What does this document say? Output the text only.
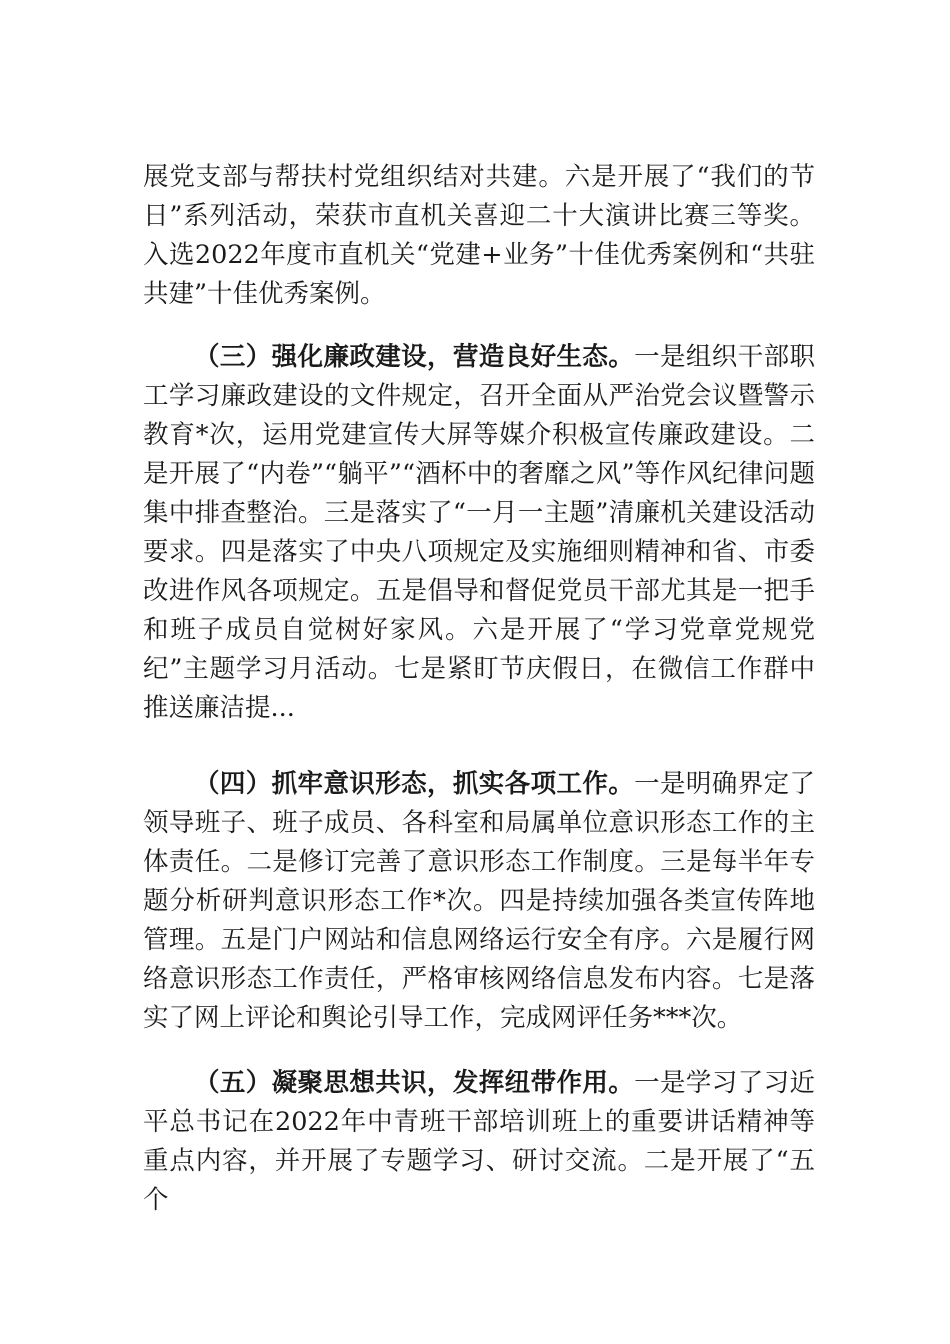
展党支部与帮扶村党组织结对共建。六是开展了“我们的节日”系列活动，荣获市直机关喜迎二十大演讲比赛三等奖。入选2022年度市直机关“党建+业务”十佳优秀案例和“共驻共建”十佳优秀案例。

（三）强化廉政建设，营造良好生态。一是组织干部职工学习廉政建设的文件规定，召开全面从严治党会议暨警示教育*次，运用党建宣传大屏等媒介积极宣传廉政建设。二是开展了“内卷”“躺平”“酒杯中的奢靡之风”等作风纪律问题集中排查整治。三是落实了“一月一主题”清廉机关建设活动要求。四是落实了中央八项规定及实施细则精神和省、市委改进作风各项规定。五是倡导和督促党员干部尤其是一把手和班子成员自觉树好家风。六是开展了“学习党章党规党纪”主题学习月活动。七是紧盯节庆假日，在微信工作群中推送廉洁提...

（四）抓牢意识形态，抓实各项工作。一是明确界定了领导班子、班子成员、各科室和局属单位意识形态工作的主体责任。二是修订完善了意识形态工作制度。三是每半年专题分析研判意识形态工作*次。四是持续加强各类宣传阵地管理。五是门户网站和信息网络运行安全有序。六是履行网络意识形态工作责任，严格审核网络信息发布内容。七是落实了网上评论和舆论引导工作，完成网评任务***次。

（五）凝聚思想共识，发挥纽带作用。一是学习了习近平总书记在2022年中青班干部培训班上的重要讲话精神等重点内容，并开展了专题学习、研讨交流。二是开展了“五个
